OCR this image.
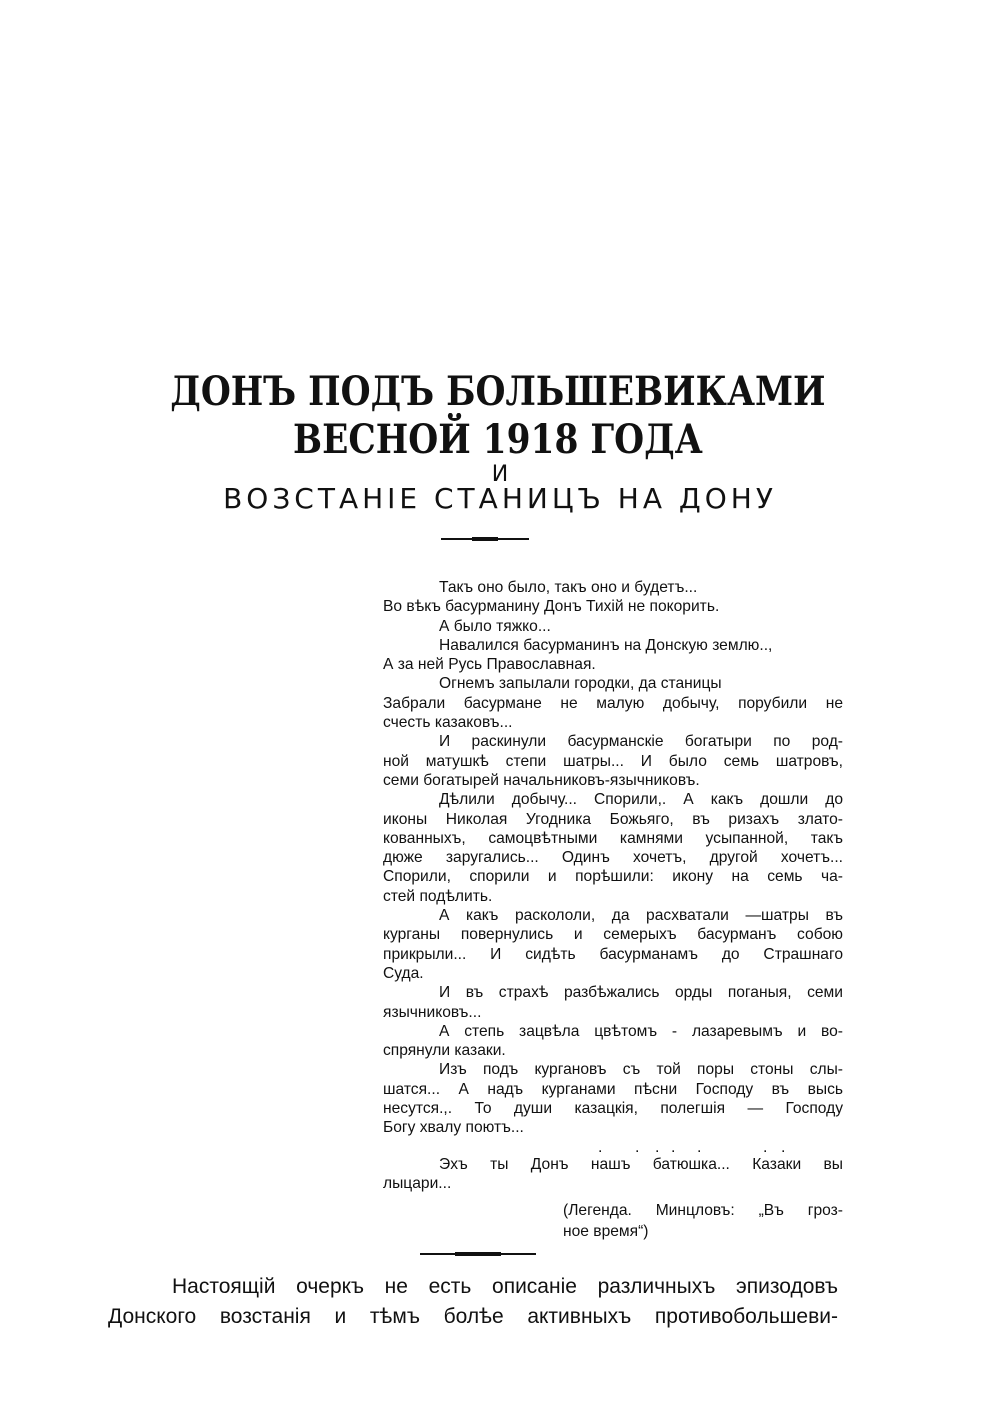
ДОНЪ ПОДЪ БОЛЬШЕВИКАМИ
ВЕСНОЙ 1918 ГОДА
И
ВОЗСТАНІЕ СТАНИЦЪ НА ДОНУ
Такъ оно было, такъ оно и будетъ...
Во вѣкъ басурманину Донъ Тихій не покорить.
А было тяжко...
Навалился басурманинъ на Донскую землю..,
А за ней Русь Православная.
Огнемъ запылали городки, да станицы
Забрали басурмане не малую добычу, порубили не
счесть казаковъ...
И раскинули басурманскіе богатыри по род-
ной матушкѣ степи шатры... И было семь шатровъ,
семи богатырей начальниковъ-язычниковъ.
Дѣлили добычу... Спорили,. А какъ дошли до
иконы Николая Угодника Божьяго, въ ризахъ злато-
кованныхъ, самоцвѣтными камнями усыпанной, такъ
дюже заругались... Одинъ хочетъ, другой хочетъ...
Спорили, спорили и порѣшили: икону на семь ча-
стей подѣлить.
А какъ раскололи, да расхватали —шатры въ
курганы повернулись и семерыхъ басурманъ собою
прикрыли... И сидѣть басурманамъ до Страшнаго
Суда.
И въ страхѣ разбѣжались орды поганыя, семи
язычниковъ...
А степь зацвѣла цвѣтомъ - лазаревымъ и во-
спрянули казаки.
Изъ подъ кургановъ съ той поры стоны слы-
шатся... А надъ курганами пѣсни Господу въ высь
несутся.,. То души казацкія, полегшія — Господу
Богу хвалу поютъ...
. . . . .	. .
Эхъ ты Донъ нашъ батюшка... Казаки вы
лыцари...
(Легенда. Минцловъ: „Въ гроз-
ное время“)
Настоящій очеркъ не есть описаніе различныхъ эпизодовъ
Донского возстанія и тѣмъ болѣе активныхъ противобольшеви-
